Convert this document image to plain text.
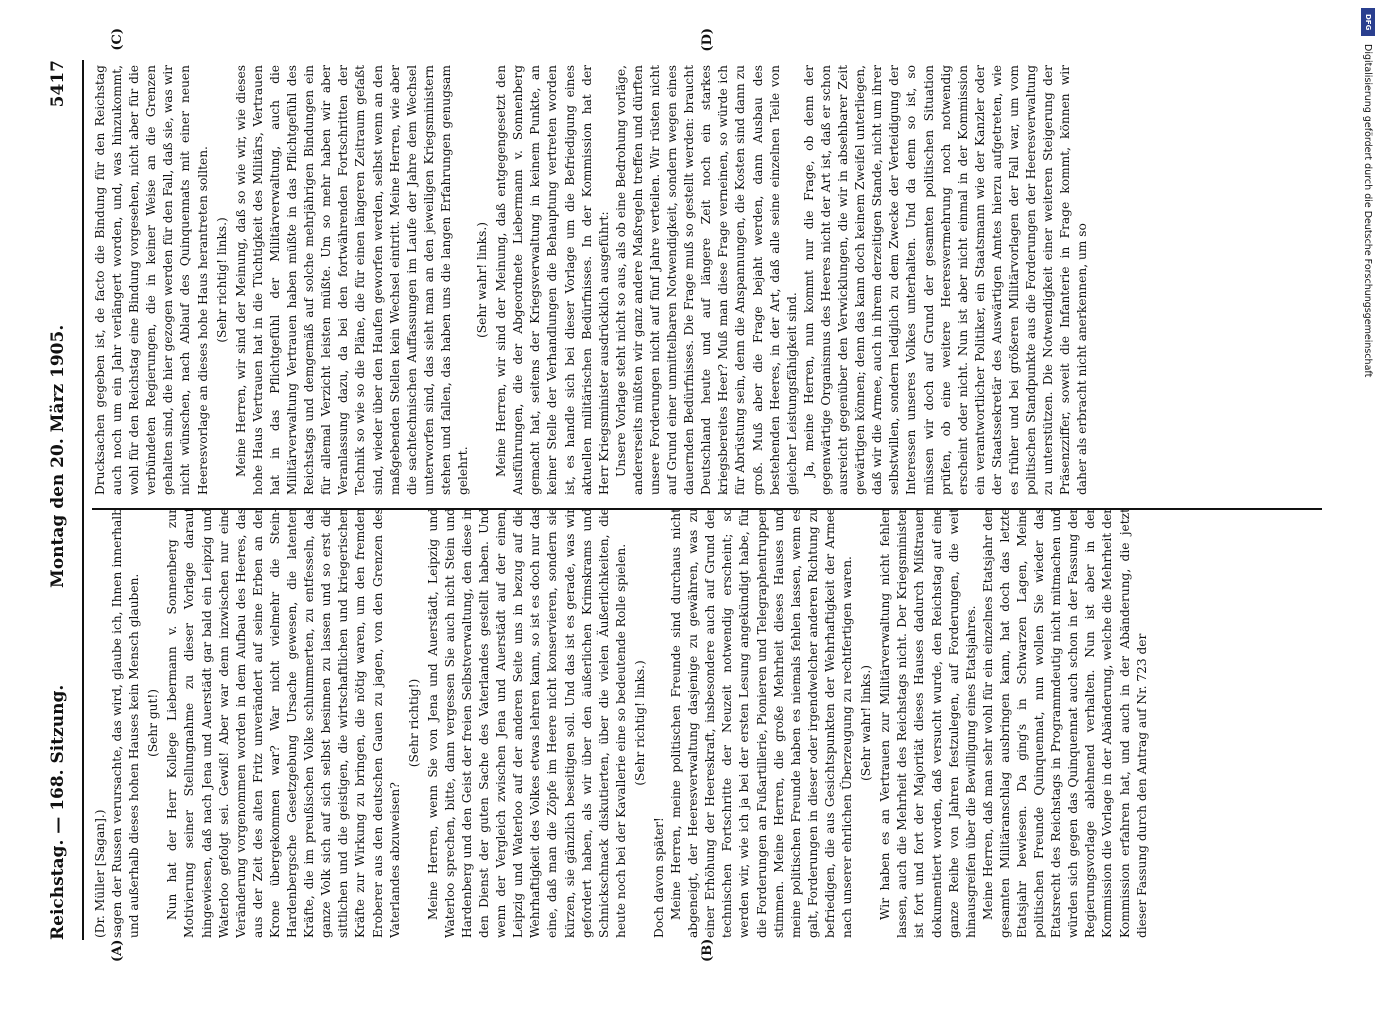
Reichstag. — 168. Sitzung.
Montag den 20. März 1905.
5417
(A)	(B)
(C)	(D)

(Dr. Müller [Sagan].) sagen der Russen verursachte, das wird, glaube ich, Ihnen innerhalb und außerhalb dieses hohen Hauses kein Mensch glauben. (Sehr gut!) Nun hat der Herr Kollege Liebermann v. Sonnenberg zur Motivierung seiner Stellungnahme zu dieser Vorlage darauf hingewiesen, daß nach Jena und Auerstädt gar bald ein Leipzig und Waterloo gefolgt sei. Gewiß! Aber war denn inzwischen nur eine Veränderung vorgenommen worden in dem Aufbau des Heeres, das aus der Zeit des alten Fritz unverändert auf seine Erben an der Krone übergekommen war? War nicht vielmehr die Stein-Hardenbergsche Gesetzgebung Ursache gewesen, die latenten Kräfte, die im preußischen Volke schlummerten, zu entfesseln, das ganze Volk sich auf sich selbst besinnen zu lassen und so erst die sittlichen und die geistigen, die wirtschaftlichen und kriegerischen Kräfte zur Wirkung zu bringen, die nötig waren, um den fremden Eroberer aus den deutschen Gauen zu jagen, von den Grenzen des Vaterlandes abzuweisen?

(Sehr richtig!) Meine Herren, wenn Sie von Jena und Auerstädt, Leipzig und Waterloo sprechen, bitte, dann vergessen Sie auch nicht Stein und Hardenberg und den Geist der freien Selbstverwaltung, den diese in den Dienst der guten Sache des Vaterlandes gestellt haben. Und wenn der Vergleich zwischen Jena und Auerstädt auf der einen, Leipzig und Waterloo auf der anderen Seite uns in bezug auf die Wehrhaftigkeit des Volkes etwas lehren kann, so ist es doch nur das eine, daß man die Zöpfe im Heere nicht konservieren, sondern sie kürzen, sie gänzlich beseitigen soll. Und das ist es gerade, was wir gefordert haben, als wir über den äußerlichen Krimskrams und Schnickschnack diskutierten, über die vielen Äußerlichkeiten, die heute noch bei der Kavallerie eine so bedeutende Rolle spielen. (Sehr richtig! links.)

Doch davon später! Meine Herren, meine politischen Freunde sind durchaus nicht abgeneigt, der Heeresverwaltung dasjenige zu gewähren, was zu einer Erhöhung der Heereskraft, insbesondere auch auf Grund der technischen Fortschritte der Neuzeit notwendig erscheint; so werden wir, wie ich ja bei der ersten Lesung angekündigt habe, für die Forderungen an Fußartillerie, Pionieren und Telegraphentruppen stimmen. Meine Herren, die große Mehrheit dieses Hauses und meine politischen Freunde haben es niemals fehlen lassen, wenn es galt, Forderungen in dieser oder irgendwelcher anderen Richtung zu befriedigen, die aus Gesichtspunkten der Wehrhaftigkeit der Armee nach unserer ehrlichen Überzeugung zu rechtfertigen waren. (Sehr wahr! links.) Wir haben es an Vertrauen zur Militärverwaltung nicht fehlen lassen, auch die Mehrheit des Reichstags nicht. Der Kriegsminister ist fort und fort der Majorität dieses Hauses dadurch Mißtrauen dokumentiert worden, daß versucht wurde, den Reichstag auf eine ganze Reihe von Jahren festzulegen, auf Forderungen, die weit hinausgreifen über die Bewilligung eines Etatsjahres. Meine Herren, daß man sehr wohl für ein einzelnes Etatsjahr den gesamten Militäranschlag ausbringen kann, hat doch das letzte Etatsjahr bewiesen. Da ging's in Schwarzen Lagen, Meine politischen Freunde Quinquennat, nun wollen Sie wieder das Etatsrecht des Reichstags in Programmdeutig nicht mitmachen und würden sich gegen das Quinquennat auch schon in der Fassung der Regierungsvorlage ablehnend verhalten. Nun ist aber in der Kommission die Vorlage in der Abänderung, welche die Mehrheit der Kommission erfahren hat, und auch in der Abänderung, die jetzt dieser Fassung durch den Antrag auf Nr. 723 der

Drucksachen gegeben ist, de facto die Bindung für den Reichstag auch noch um ein Jahr verlängert worden, und, was hinzukommt, wohl für den Reichstag eine Bindung vorgesehen, nicht aber für die verbündeten Regierungen, die in keiner Weise an die Grenzen gehalten sind, die hier gezogen werden für den Fall, daß sie, was wir nicht wünschen, nach Ablauf des Quinquennats mit einer neuen Heeresvorlage an dieses hohe Haus herantreten sollten. (Sehr richtig! links.) Meine Herren, wir sind der Meinung, daß so wie wir, wie dieses hohe Haus Vertrauen hat in die Tüchtigkeit des Militärs, Vertrauen hat in das Pflichtgefühl der Militärverwaltung, auch die Militärverwaltung Vertrauen haben müßte in das Pflichtgefühl des Reichstags und demgemäß auf solche mehrjährigen Bindungen ein für allemal Verzicht leisten müßte. Um so mehr haben wir aber Veranlassung dazu, da bei den fortwährenden Fortschritten der Technik so wie so die Pläne, die für einen längeren Zeitraum gefaßt sind, wieder über den Haufen geworfen werden, selbst wenn an den maßgebenden Stellen kein Wechsel eintritt. Meine Herren, wie aber die sachtechnischen Auffassungen im Laufe der Jahre dem Wechsel unterworfen sind, das sieht man an den jeweiligen Kriegsministern stehen und fallen, das haben uns die langen Erfahrungen genugsam gelehrt.

(Sehr wahr! links.) Meine Herren, wir sind der Meinung, daß entgegengesetzt den Ausführungen, die der Abgeordnete Liebermann v. Sonnenberg gemacht hat, seitens der Kriegsverwaltung in keinem Punkte, an keiner Stelle der Verhandlungen die Behauptung vertreten worden ist, es handle sich bei dieser Vorlage um die Befriedigung eines aktuellen militärischen Bedürfnisses. In der Kommission hat der Herr Kriegsminister ausdrücklich ausgeführt: Unsere Vorlage steht nicht so aus, als ob eine Bedrohung vorläge, andererseits müßten wir ganz andere Maßregeln treffen und dürften unsere Forderungen nicht auf fünf Jahre verteilen. Wir rüsten nicht auf Grund einer unmittelbaren Notwendigkeit, sondern wegen eines dauernden Bedürfnisses. Die Frage muß so gestellt werden: braucht Deutschland heute und auf längere Zeit noch ein starkes kriegsbereites Heer? Muß man diese Frage verneinen, so würde ich für Abrüstung sein, denn die Anspannungen, die Kosten sind dann zu groß. Muß aber die Frage bejaht werden, dann Ausbau des bestehenden Heeres, in der Art, daß alle seine einzelnen Teile von gleicher Leistungsfähigkeit sind. Ja, meine Herren, nun kommt nur die Frage, ob denn der gegenwärtige Organismus des Heeres nicht der Art ist, daß er schon ausreicht gegenüber den Verwicklungen, die wir in absehbarer Zeit gewärtigen können; denn das kann doch keinem Zweifel unterliegen, daß wir die Armee, auch in ihrem derzeitigen Stande, nicht um ihrer selbstwillen, sondern lediglich zu dem Zwecke der Verteidigung der Interessen unseres Volkes unterhalten. Und da denn so ist, so müssen wir doch auf Grund der gesamten politischen Situation prüfen, ob eine weitere Heeresvermehrung noch notwendig erscheint oder nicht. Nun ist aber nicht einmal in der Kommission ein verantwortlicher Politiker, ein Staatsmann wie der Kanzler oder der Staatssekretär des Auswärtigen Amtes hierzu aufgetreten, wie es früher und bei größeren Militärvorlagen der Fall war, um vom politischen Standpunkte aus die Forderungen der Heeresverwaltung zu unterstützen. Die Notwendigkeit einer weiteren Steigerung der Präsenzziffer, soweit die Infanterie in Frage kommt, können wir daher als erbracht nicht anerkennen, um so

DFG
Digitalisierung gefördert durch die Deutsche Forschungsgemeinschaft
